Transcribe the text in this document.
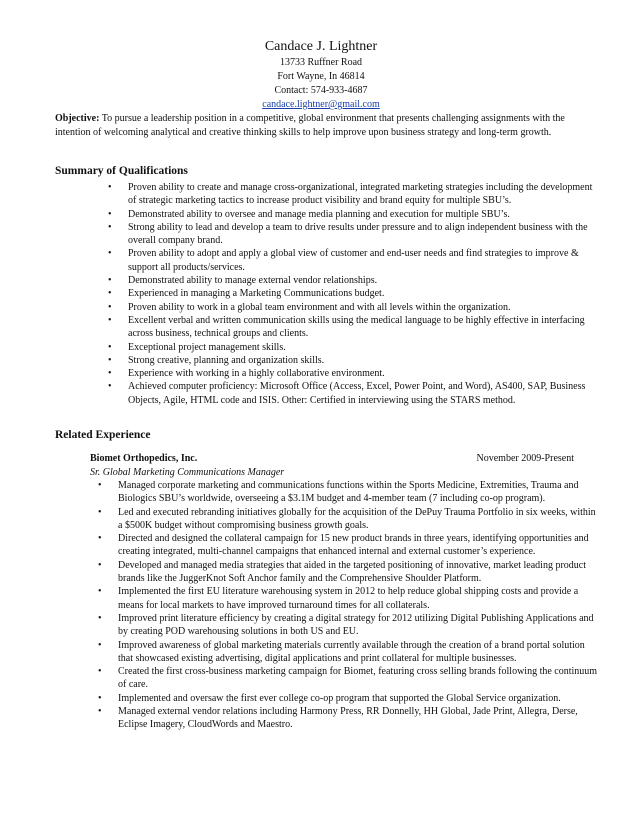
Candace J. Lightner
13733 Ruffner Road
Fort Wayne, In 46814
Contact: 574-933-4687
candace.lightner@gmail.com
Objective: To pursue a leadership position in a competitive, global environment that presents challenging assignments with the intention of welcoming analytical and creative thinking skills to help improve upon business strategy and long-term growth.
Summary of Qualifications
• Proven ability to create and manage cross-organizational, integrated marketing strategies including the development of strategic marketing tactics to increase product visibility and brand equity for multiple SBU’s.
• Demonstrated ability to oversee and manage media planning and execution for multiple SBU’s.
• Strong ability to lead and develop a team to drive results under pressure and to align independent business with the overall company brand.
• Proven ability to adopt and apply a global view of customer and end-user needs and find strategies to improve & support all products/services.
• Demonstrated ability to manage external vendor relationships.
• Experienced in managing a Marketing Communications budget.
• Proven ability to work in a global team environment and with all levels within the organization.
• Excellent verbal and written communication skills using the medical language to be highly effective in interfacing across business, technical groups and clients.
• Exceptional project management skills.
• Strong creative, planning and organization skills.
• Experience with working in a highly collaborative environment.
• Achieved computer proficiency: Microsoft Office (Access, Excel, Power Point, and Word), AS400, SAP, Business Objects, Agile, HTML code and ISIS. Other: Certified in interviewing using the STARS method.
Related Experience
Biomet Orthopedics, Inc.	November 2009-Present
Sr. Global Marketing Communications Manager
• Managed corporate marketing and communications functions within the Sports Medicine, Extremities, Trauma and Biologics SBU’s worldwide, overseeing a $3.1M budget and 4-member team (7 including co-op program).
• Led and executed rebranding initiatives globally for the acquisition of the DePuy Trauma Portfolio in six weeks, within a $500K budget without compromising business growth goals.
• Directed and designed the collateral campaign for 15 new product brands in three years, identifying opportunities and creating integrated, multi-channel campaigns that enhanced internal and external customer’s experience.
• Developed and managed media strategies that aided in the targeted positioning of innovative, market leading product brands like the JuggerKnot Soft Anchor family and the Comprehensive Shoulder Platform.
• Implemented the first EU literature warehousing system in 2012 to help reduce global shipping costs and provide a means for local markets to have improved turnaround times for all collaterals.
• Improved print literature efficiency by creating a digital strategy for 2012 utilizing Digital Publishing Applications and by creating POD warehousing solutions in both US and EU.
• Improved awareness of global marketing materials currently available through the creation of a brand portal solution that showcased existing advertising, digital applications and print collateral for multiple businesses.
• Created the first cross-business marketing campaign for Biomet, featuring cross selling brands following the continuum of care.
• Implemented and oversaw the first ever college co-op program that supported the Global Service organization.
• Managed external vendor relations including Harmony Press, RR Donnelly, HH Global, Jade Print, Allegra, Derse, Eclipse Imagery, CloudWords and Maestro.
